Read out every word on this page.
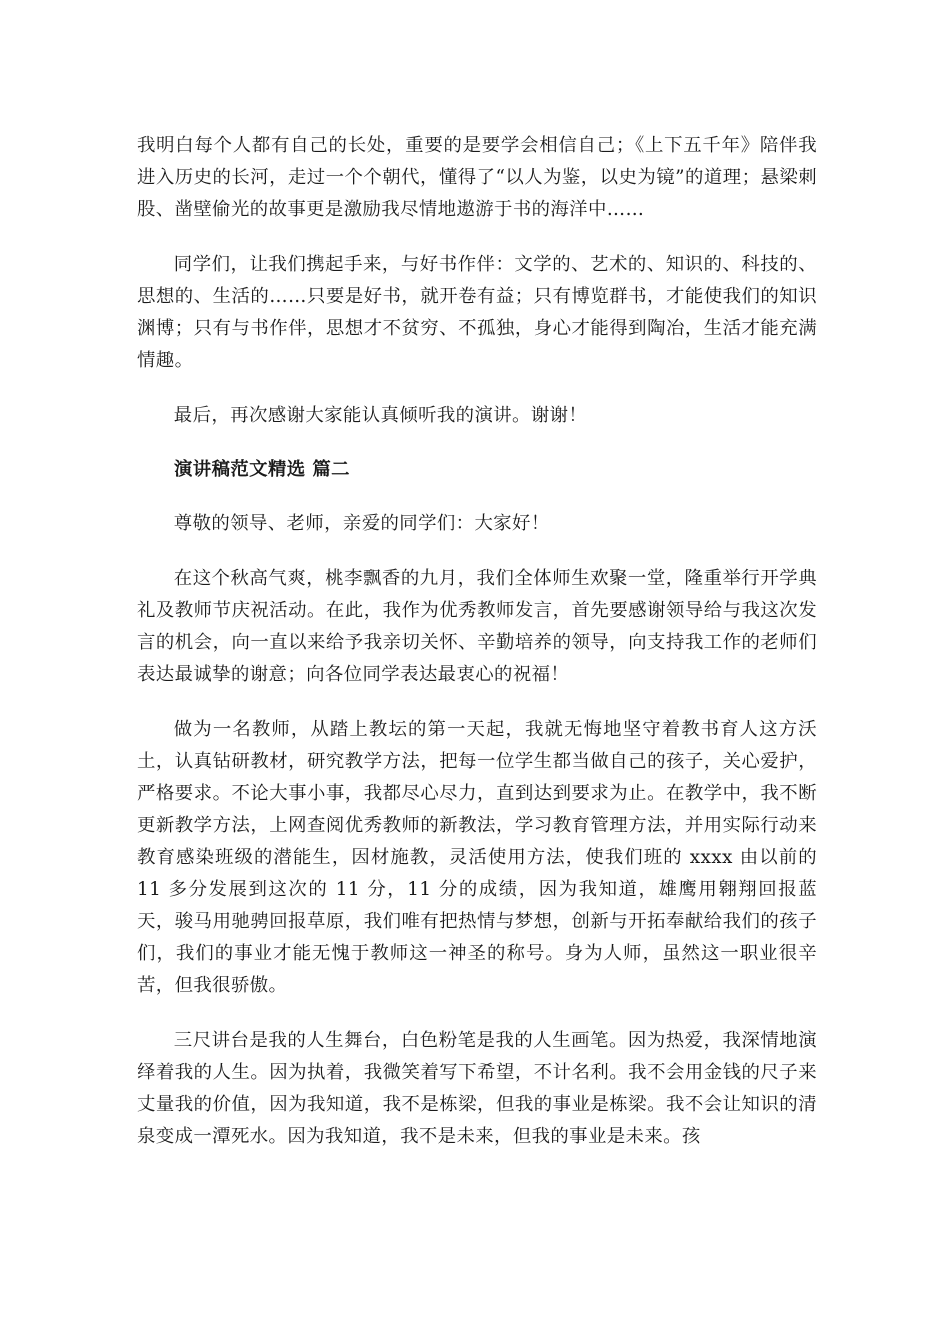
我明白每个人都有自己的长处，重要的是要学会相信自己；《上下五千年》陪伴我进入历史的长河，走过一个个朝代，懂得了“以人为鉴，以史为镜”的道理；悬梁刺股、凿壁偷光的故事更是激励我尽情地遨游于书的海洋中……

同学们，让我们携起手来，与好书作伴：文学的、艺术的、知识的、科技的、思想的、生活的……只要是好书，就开卷有益；只有博览群书，才能使我们的知识渊博；只有与书作伴，思想才不贫穷、不孤独，身心才能得到陶冶，生活才能充满情趣。

最后，再次感谢大家能认真倾听我的演讲。谢谢！

演讲稿范文精选 篇二

尊敬的领导、老师，亲爱的同学们：大家好！

在这个秋高气爽，桃李飘香的九月，我们全体师生欢聚一堂，隆重举行开学典礼及教师节庆祝活动。在此，我作为优秀教师发言，首先要感谢领导给与我这次发言的机会，向一直以来给予我亲切关怀、辛勤培养的领导，向支持我工作的老师们表达最诚挚的谢意；向各位同学表达最衷心的祝福！

做为一名教师，从踏上教坛的第一天起，我就无悔地坚守着教书育人这方沃土，认真钻研教材，研究教学方法，把每一位学生都当做自己的孩子，关心爱护，严格要求。不论大事小事，我都尽心尽力，直到达到要求为止。在教学中，我不断更新教学方法，上网查阅优秀教师的新教法，学习教育管理方法，并用实际行动来教育感染班级的潜能生，因材施教，灵活使用方法，使我们班的 xxxx 由以前的 11 多分发展到这次的 11 分，11 分的成绩，因为我知道，雄鹰用翱翔回报蓝天，骏马用驰骋回报草原，我们唯有把热情与梦想，创新与开拓奉献给我们的孩子们，我们的事业才能无愧于教师这一神圣的称号。身为人师，虽然这一职业很辛苦，但我很骄傲。

三尺讲台是我的人生舞台，白色粉笔是我的人生画笔。因为热爱，我深情地演绎着我的人生。因为执着，我微笑着写下希望，不计名利。我不会用金钱的尺子来丈量我的价值，因为我知道，我不是栋梁，但我的事业是栋梁。我不会让知识的清泉变成一潭死水。因为我知道，我不是未来，但我的事业是未来。孩
